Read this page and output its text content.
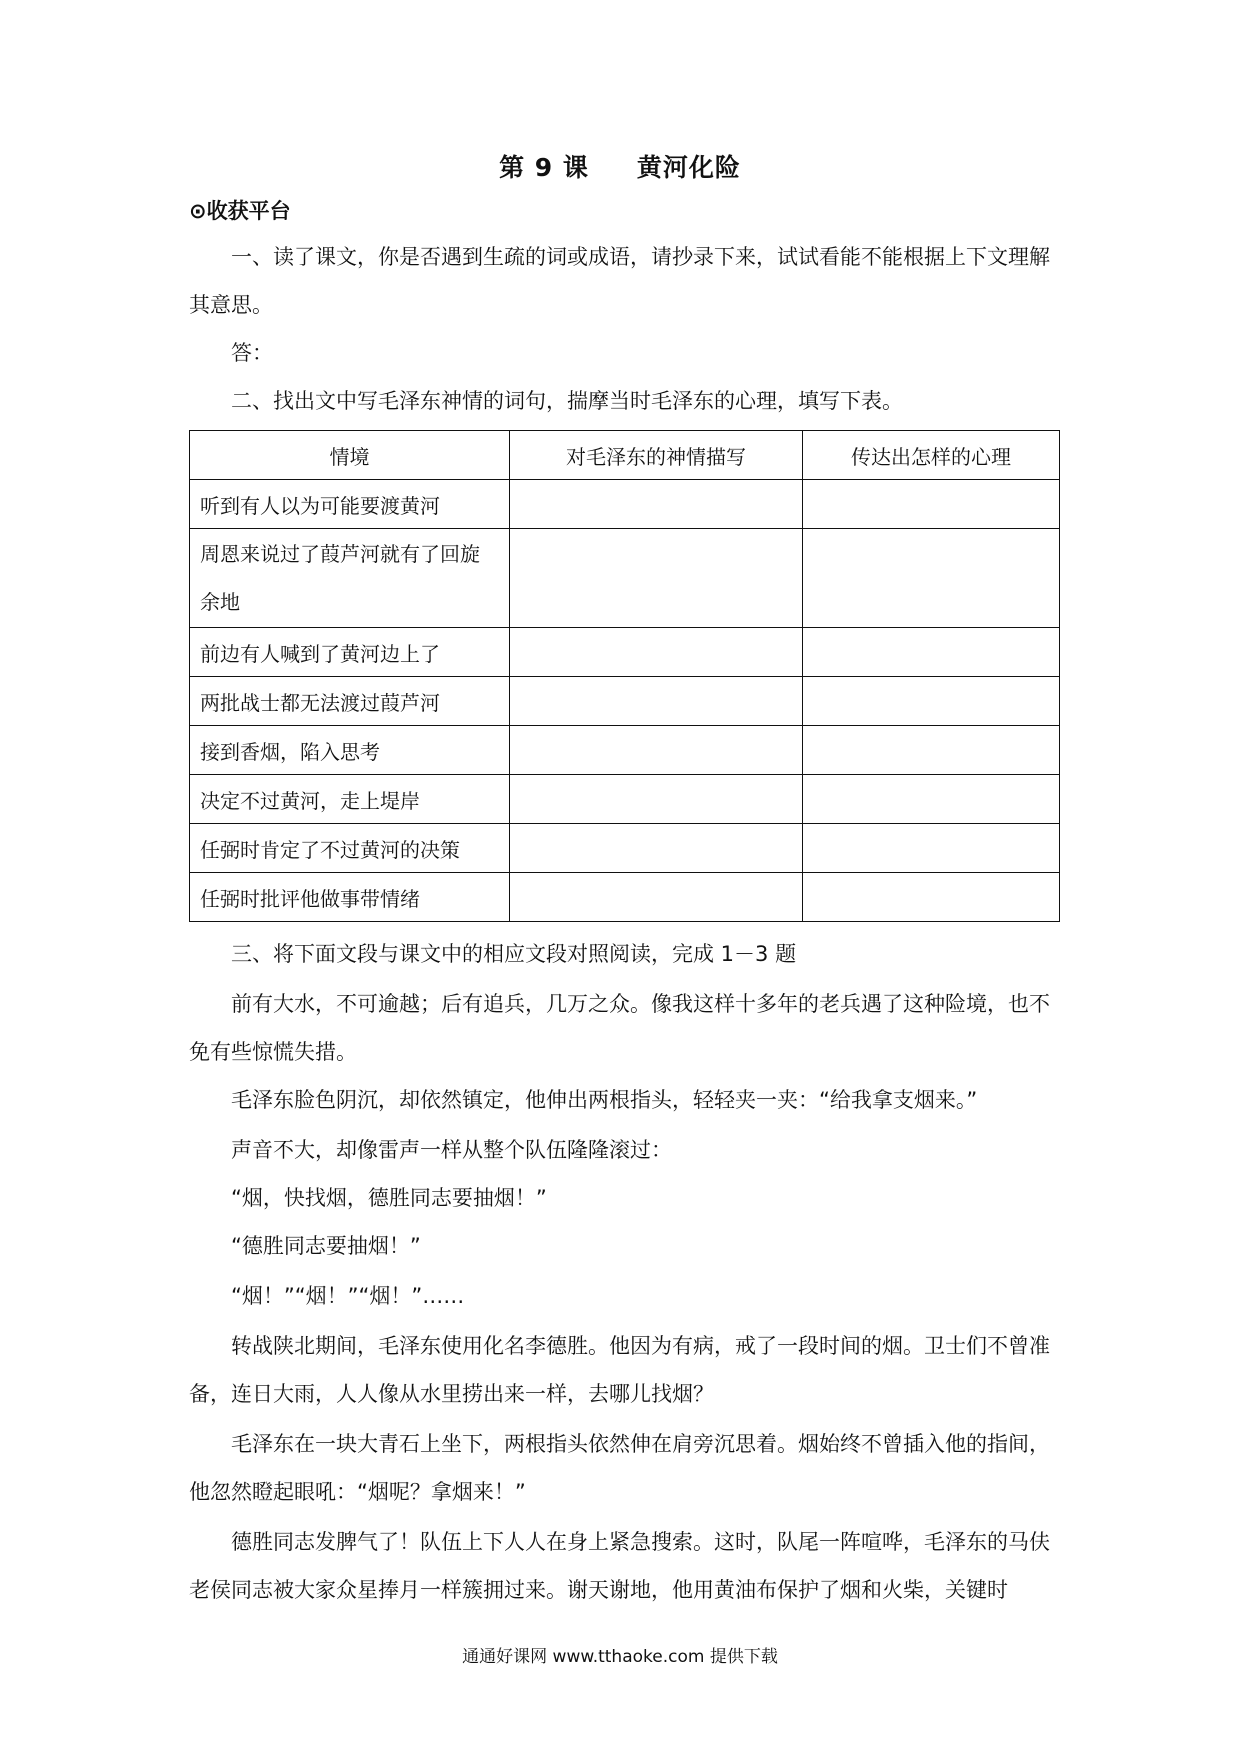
第 9 课 黄河化险
⊙收获平台

一、读了课文，你是否遇到生疏的词或成语，请抄录下来，试试看能不能根据上下文理解其意思。

答：
二、找出文中写毛泽东神情的词句，揣摩当时毛泽东的心理，填写下表。
情境	对毛泽东的神情描写	传达出怎样的心理
听到有人以为可能要渡黄河		
周恩来说过了葭芦河就有了回旋余地		
前边有人喊到了黄河边上了		
两批战士都无法渡过葭芦河		
接到香烟，陷入思考		
决定不过黄河，走上堤岸		
任弼时肯定了不过黄河的决策		
任弼时批评他做事带情绪		
三、将下面文段与课文中的相应文段对照阅读，完成 1－3 题

前有大水，不可逾越；后有追兵，几万之众。像我这样十多年的老兵遇了这种险境，也不免有些惊慌失措。

毛泽东脸色阴沉，却依然镇定，他伸出两根指头，轻轻夹一夹：“给我拿支烟来。”
声音不大，却像雷声一样从整个队伍隆隆滚过：
“烟，快找烟，德胜同志要抽烟！”
“德胜同志要抽烟！”
“烟！”“烟！”“烟！”……

转战陕北期间，毛泽东使用化名李德胜。他因为有病，戒了一段时间的烟。卫士们不曾准备，连日大雨，人人像从水里捞出来一样，去哪儿找烟？

毛泽东在一块大青石上坐下，两根指头依然伸在肩旁沉思着。烟始终不曾插入他的指间，他忽然瞪起眼吼：“烟呢？拿烟来！”

德胜同志发脾气了！队伍上下人人在身上紧急搜索。这时，队尾一阵喧哗，毛泽东的马伕老侯同志被大家众星捧月一样簇拥过来。谢天谢地，他用黄油布保护了烟和火柴，关键时

通通好课网 www.tthaoke.com 提供下载
